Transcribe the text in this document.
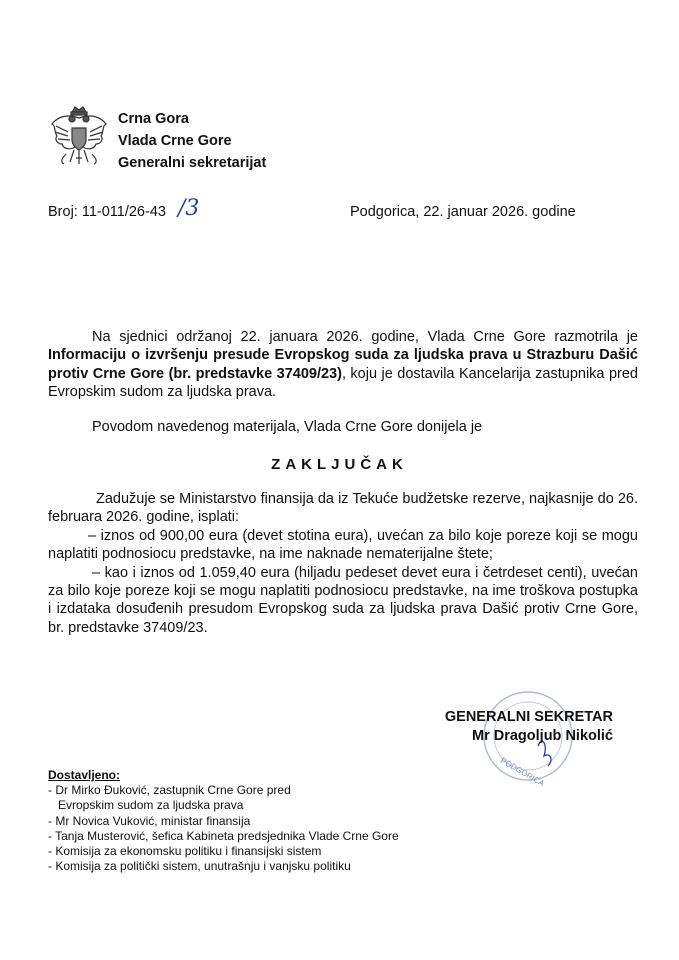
Crna Gora
Vlada Crne Gore
Generalni sekretarijat
Broj: 11-011/26-43 /3	Podgorica, 22. januar 2026. godine
Na sjednici održanoj 22. januara 2026. godine, Vlada Crne Gore razmotrila je Informaciju o izvršenju presude Evropskog suda za ljudska prava u Strazburu Dašić protiv Crne Gore (br. predstavke 37409/23), koju je dostavila Kancelarija zastupnika pred Evropskim sudom za ljudska prava.
Povodom navedenog materijala, Vlada Crne Gore donijela je
ZAKLJUČAK
Zadužuje se Ministarstvo finansija da iz Tekuće budžetske rezerve, najkasnije do 26. februara 2026. godine, isplati:
– iznos od 900,00 eura (devet stotina eura), uvećan za bilo koje poreze koji se mogu naplatiti podnosiocu predstavke, na ime naknade nematerijalne štete;
– kao i iznos od 1.059,40 eura (hiljadu pedeset devet eura i četrdeset centi), uvećan za bilo koje poreze koji se mogu naplatiti podnosiocu predstavke, na ime troškova postupka i izdataka dosuđenih presudom Evropskog suda za ljudska prava Dašić protiv Crne Gore, br. predstavke 37409/23.
PODGORICA
GENERALNI SEKRETAR
Mr Dragoljub Nikolić
Dostavljeno:
- Dr Mirko Đuković, zastupnik Crne Gore pred
Evropskim sudom za ljudska prava
- Mr Novica Vuković, ministar finansija
- Tanja Musterović, šefica Kabineta predsjednika Vlade Crne Gore
- Komisija za ekonomsku politiku i finansijski sistem
- Komisija za politički sistem, unutrašnju i vanjsku politiku
